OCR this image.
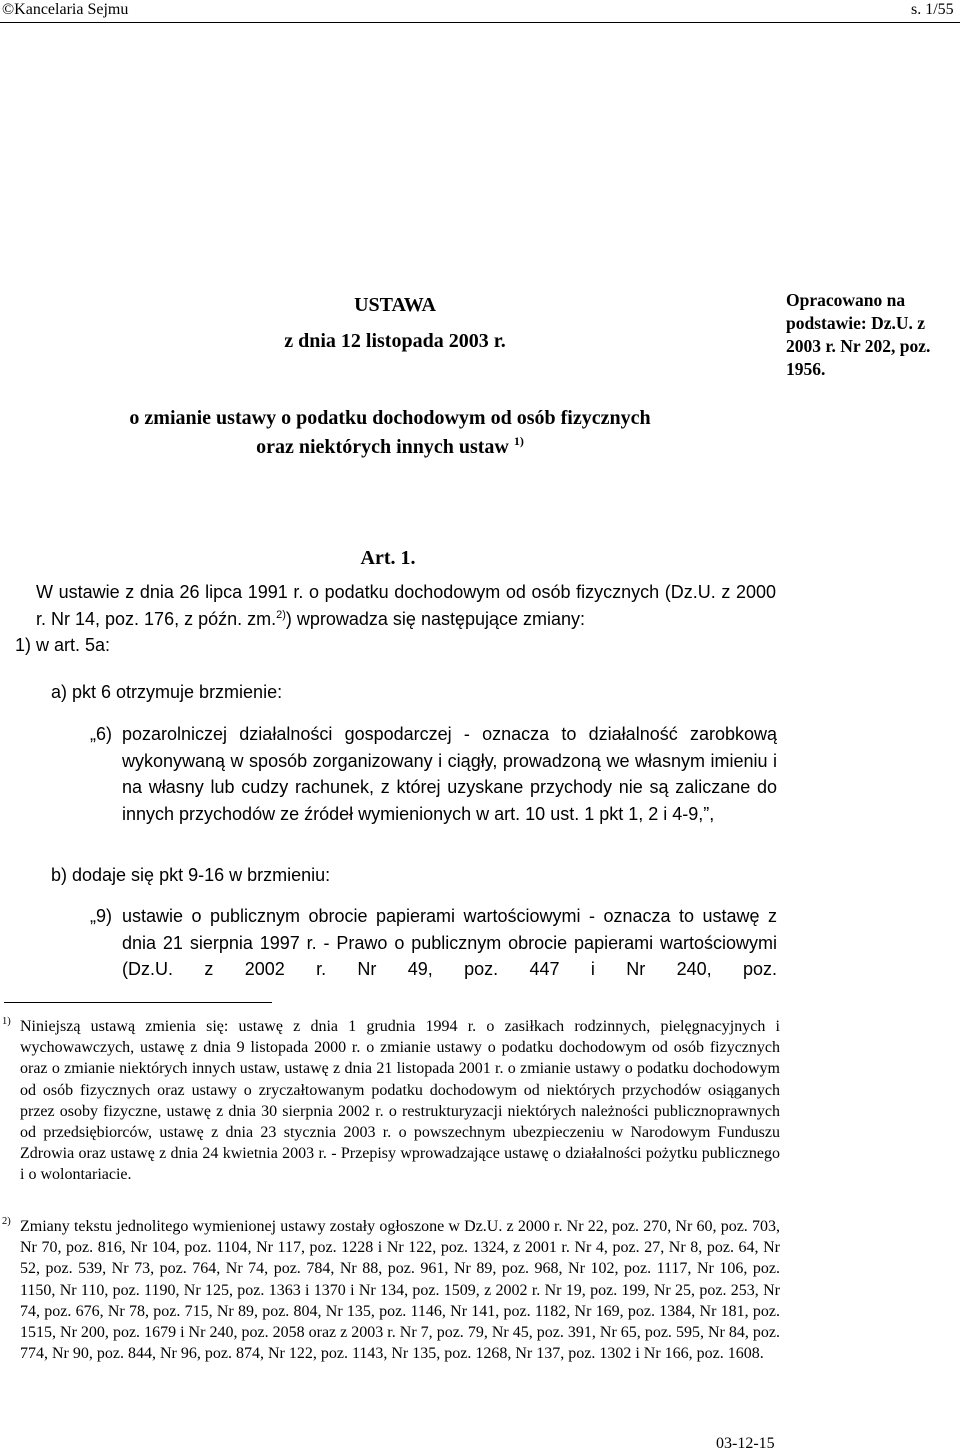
©Kancelaria Sejmu	s. 1/55
Opracowano na podstawie: Dz.U. z 2003 r. Nr 202, poz. 1956.
USTAWA
z dnia 12 listopada 2003 r.
o zmianie ustawy o podatku dochodowym od osób fizycznych
oraz niektórych innych ustaw $^{1)}$
Art. 1.
W ustawie z dnia 26 lipca 1991 r. o podatku dochodowym od osób fizycznych (Dz.U. z 2000 r. Nr 14, poz. 176, z późn. zm.$^{2)}$) wprowadza się następujące zmiany:
1) w art. 5a:
a) pkt 6 otrzymuje brzmienie:
„6) pozarolniczej działalności gospodarczej - oznacza to działalność zarobkową wykonywaną w sposób zorganizowany i ciągły, prowadzoną we własnym imieniu i na własny lub cudzy rachunek, z której uzyskane przychody nie są zaliczane do innych przychodów ze źródeł wymienionych w art. 10 ust. 1 pkt 1, 2 i 4-9,”,
b) dodaje się pkt 9-16 w brzmieniu:
„9) ustawie o publicznym obrocie papierami wartościowymi - oznacza to ustawę z dnia 21 sierpnia 1997 r. - Prawo o publicznym obrocie papierami wartościowymi (Dz.U. z 2002 r. Nr 49, poz. 447 i Nr 240, poz.
1) Niniejszą ustawą zmienia się: ustawę z dnia 1 grudnia 1994 r. o zasiłkach rodzinnych, pielęgnacyjnych i wychowawczych, ustawę z dnia 9 listopada 2000 r. o zmianie ustawy o podatku dochodowym od osób fizycznych oraz o zmianie niektórych innych ustaw, ustawę z dnia 21 listopada 2001 r. o zmianie ustawy o podatku dochodowym od osób fizycznych oraz ustawy o zryczałtowanym podatku dochodowym od niektórych przychodów osiąganych przez osoby fizyczne, ustawę z dnia 30 sierpnia 2002 r. o restrukturyzacji niektórych należności publicznoprawnych od przedsiębiorców, ustawę z dnia 23 stycznia 2003 r. o powszechnym ubezpieczeniu w Narodowym Funduszu Zdrowia oraz ustawę z dnia 24 kwietnia 2003 r. - Przepisy wprowadzające ustawę o działalności pożytku publicznego i o wolontariacie.
2) Zmiany tekstu jednolitego wymienionej ustawy zostały ogłoszone w Dz.U. z 2000 r. Nr 22, poz. 270, Nr 60, poz. 703, Nr 70, poz. 816, Nr 104, poz. 1104, Nr 117, poz. 1228 i Nr 122, poz. 1324, z 2001 r. Nr 4, poz. 27, Nr 8, poz. 64, Nr 52, poz. 539, Nr 73, poz. 764, Nr 74, poz. 784, Nr 88, poz. 961, Nr 89, poz. 968, Nr 102, poz. 1117, Nr 106, poz. 1150, Nr 110, poz. 1190, Nr 125, poz. 1363 i 1370 i Nr 134, poz. 1509, z 2002 r. Nr 19, poz. 199, Nr 25, poz. 253, Nr 74, poz. 676, Nr 78, poz. 715, Nr 89, poz. 804, Nr 135, poz. 1146, Nr 141, poz. 1182, Nr 169, poz. 1384, Nr 181, poz. 1515, Nr 200, poz. 1679 i Nr 240, poz. 2058 oraz z 2003 r. Nr 7, poz. 79, Nr 45, poz. 391, Nr 65, poz. 595, Nr 84, poz. 774, Nr 90, poz. 844, Nr 96, poz. 874, Nr 122, poz. 1143, Nr 135, poz. 1268, Nr 137, poz. 1302 i Nr 166, poz. 1608.
03-12-15
